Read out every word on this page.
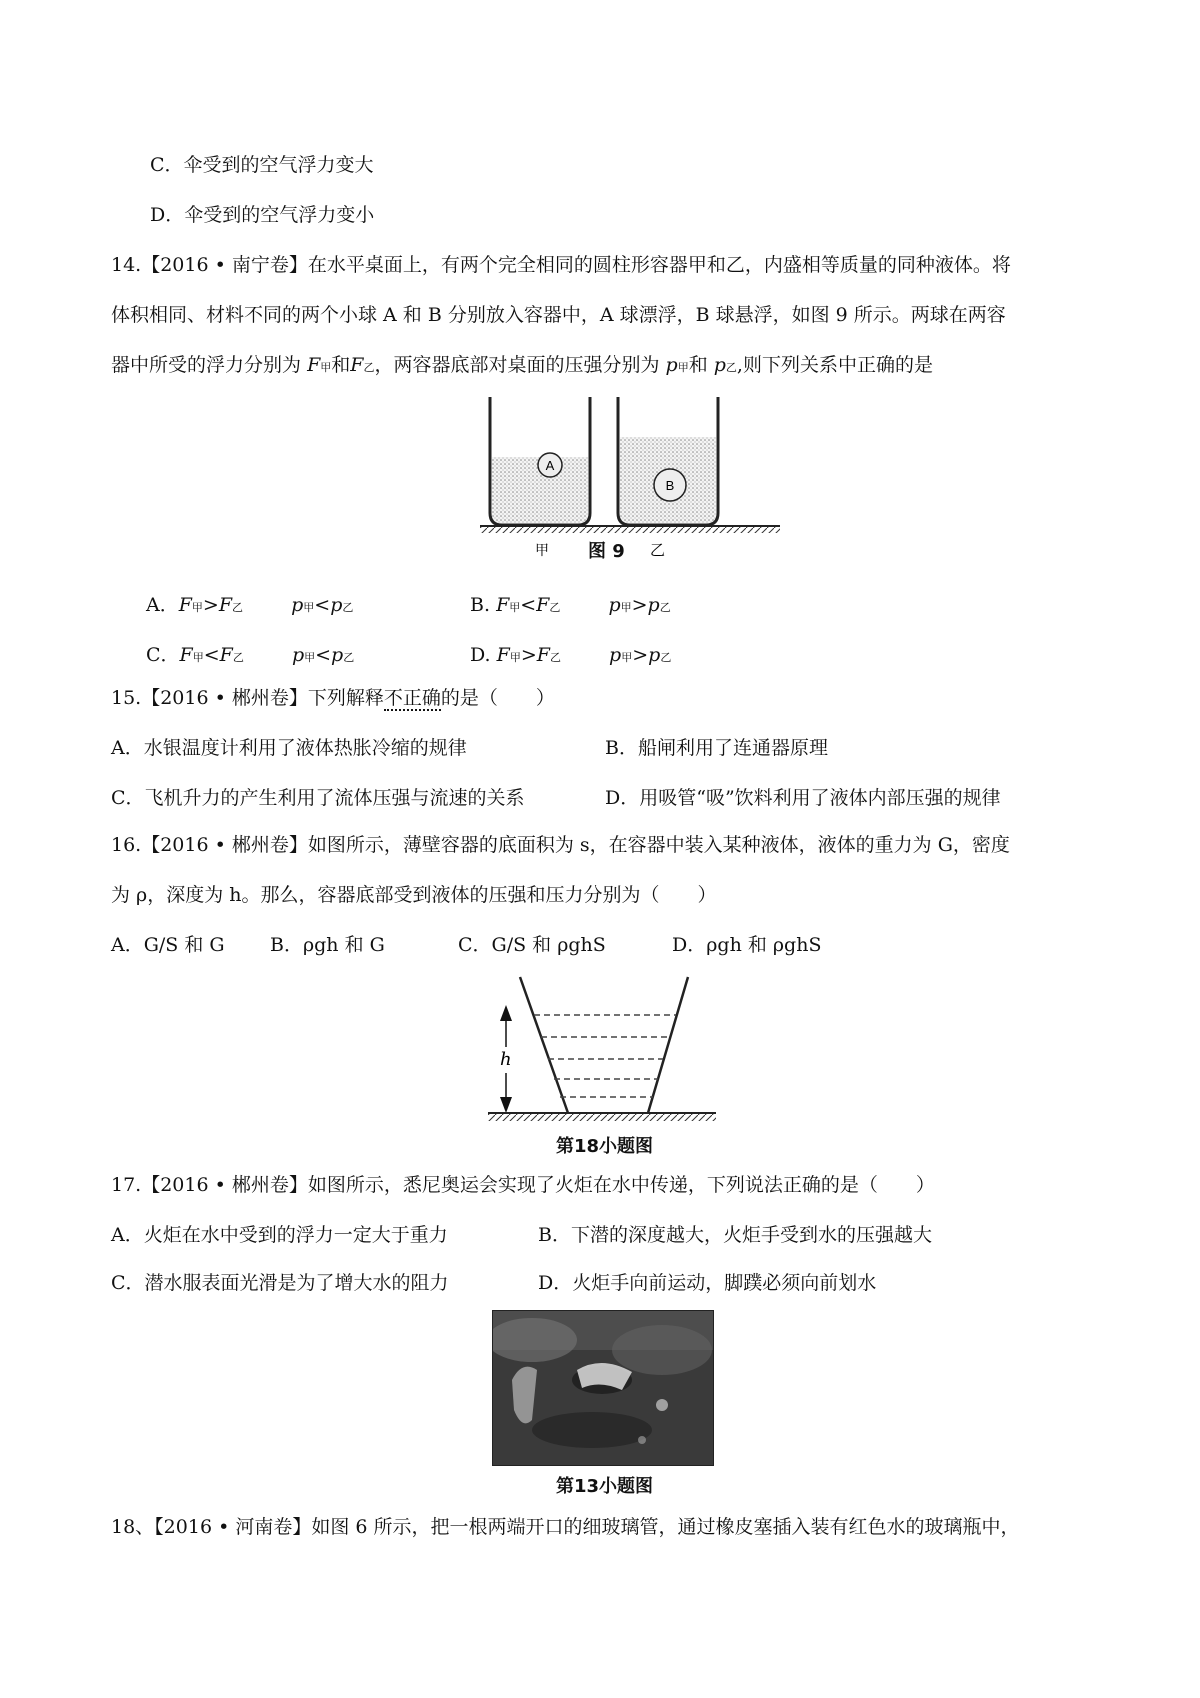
C．伞受到的空气浮力变大
D．伞受到的空气浮力变小
14.【2016 • 南宁卷】在水平桌面上，有两个完全相同的圆柱形容器甲和乙，内盛相等质量的同种液体。将
体积相同、材料不同的两个小球 A 和 B 分别放入容器中，A 球漂浮，B 球悬浮，如图 9 所示。两球在两容
器中所受的浮力分别为 F甲和F乙，两容器底部对桌面的压强分别为 p甲和 p乙,则下列关系中正确的是
A
B
甲	乙
图 9
A．F甲>F乙	p甲<p乙	B. F甲<F乙	p甲>p乙
C．F甲<F乙	p甲<p乙	D. F甲>F乙	p甲>p乙
15.【2016 • 郴州卷】下列解释不正确的是（　　）
A．水银温度计利用了液体热胀冷缩的规律	B．船闸利用了连通器原理
C．飞机升力的产生利用了流体压强与流速的关系	D．用吸管“吸”饮料利用了液体内部压强的规律
16.【2016 • 郴州卷】如图所示，薄壁容器的底面积为 s，在容器中装入某种液体，液体的重力为 G，密度
为 ρ，深度为 h。那么，容器底部受到液体的压强和压力分别为（　　）
A．G/S 和 G B．ρgh 和 G	C．G/S 和 ρghS	D．ρgh 和 ρghS
h
第18小题图
17.【2016 • 郴州卷】如图所示，悉尼奥运会实现了火炬在水中传递，下列说法正确的是（　　）
A．火炬在水中受到的浮力一定大于重力	B．下潜的深度越大，火炬手受到水的压强越大
C．潜水服表面光滑是为了增大水的阻力	D．火炬手向前运动，脚蹼必须向前划水
第13小题图
18、【2016 • 河南卷】如图 6 所示，把一根两端开口的细玻璃管，通过橡皮塞插入装有红色水的玻璃瓶中，
